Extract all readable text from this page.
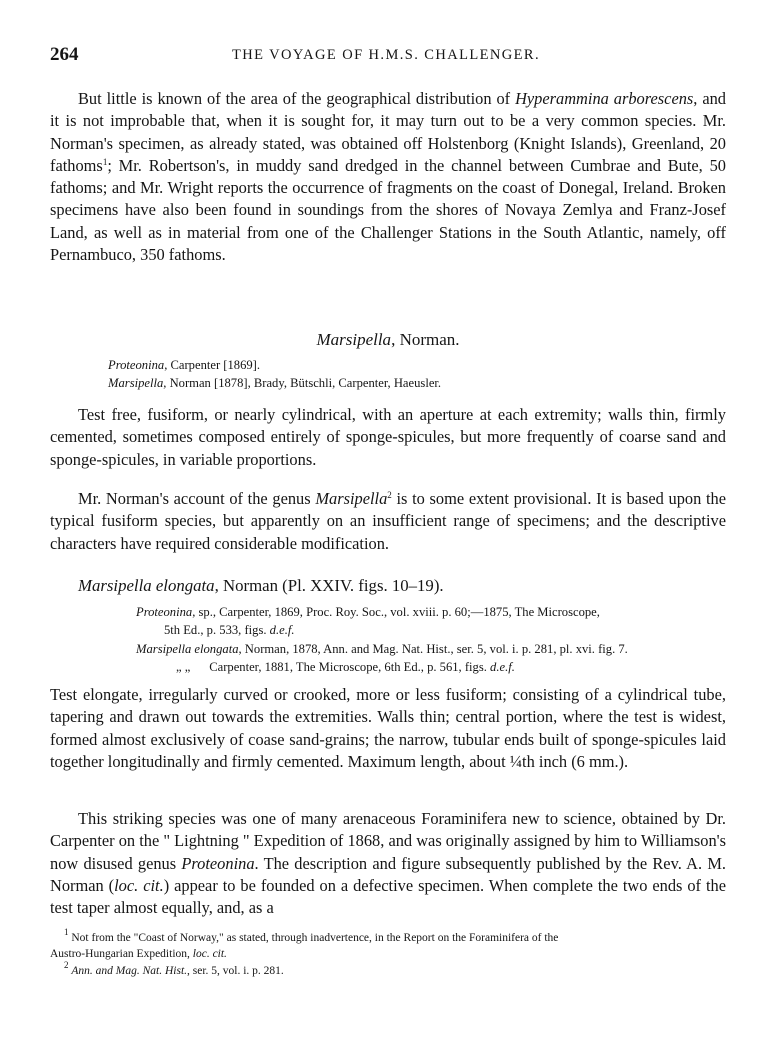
264	THE VOYAGE OF H.M.S. CHALLENGER.

But little is known of the area of the geographical distribution of Hyperammina arborescens, and it is not improbable that, when it is sought for, it may turn out to be a very common species. Mr. Norman's specimen, as already stated, was obtained off Holstenborg (Knight Islands), Greenland, 20 fathoms$^1$; Mr. Robertson's, in muddy sand dredged in the channel between Cumbrae and Bute, 50 fathoms; and Mr. Wright reports the occurrence of fragments on the coast of Donegal, Ireland. Broken specimens have also been found in soundings from the shores of Novaya Zemlya and Franz-Josef Land, as well as in material from one of the Challenger Stations in the South Atlantic, namely, off Pernambuco, 350 fathoms.

Marsipella, Norman.
Proteonina, Carpenter [1869].
Marsipella, Norman [1878], Brady, Bütschli, Carpenter, Haeusler.

Test free, fusiform, or nearly cylindrical, with an aperture at each extremity; walls thin, firmly cemented, sometimes composed entirely of sponge-spicules, but more frequently of coarse sand and sponge-spicules, in variable proportions.

Mr. Norman's account of the genus Marsipella$^2$ is to some extent provisional. It is based upon the typical fusiform species, but apparently on an insufficient range of specimens; and the descriptive characters have required considerable modification.

Marsipella elongata, Norman (Pl. XXIV. figs. 10–19).
Proteonina, sp., Carpenter, 1869, Proc. Roy. Soc., vol. xviii. p. 60;—1875, The Microscope,
5th Ed., p. 533, figs. d.e.f.
Marsipella elongata, Norman, 1878, Ann. and Mag. Nat. Hist., ser. 5, vol. i. p. 281, pl. xvi. fig. 7.
„ „ Carpenter, 1881, The Microscope, 6th Ed., p. 561, figs. d.e.f.

Test elongate, irregularly curved or crooked, more or less fusiform; consisting of a cylindrical tube, tapering and drawn out towards the extremities. Walls thin; central portion, where the test is widest, formed almost exclusively of coase sand-grains; the narrow, tubular ends built of sponge-spicules laid together longitudinally and firmly cemented. Maximum length, about ¼th inch (6 mm.).

This striking species was one of many arenaceous Foraminifera new to science, obtained by Dr. Carpenter on the " Lightning " Expedition of 1868, and was originally assigned by him to Williamson's now disused genus Proteonina. The description and figure subsequently published by the Rev. A. M. Norman (loc. cit.) appear to be founded on a defective specimen. When complete the two ends of the test taper almost equally, and, as a

$^1$ Not from the "Coast of Norway," as stated, through inadvertence, in the Report on the Foraminifera of the
Austro-Hungarian Expedition, loc. cit.
$^2$ Ann. and Mag. Nat. Hist., ser. 5, vol. i. p. 281.
